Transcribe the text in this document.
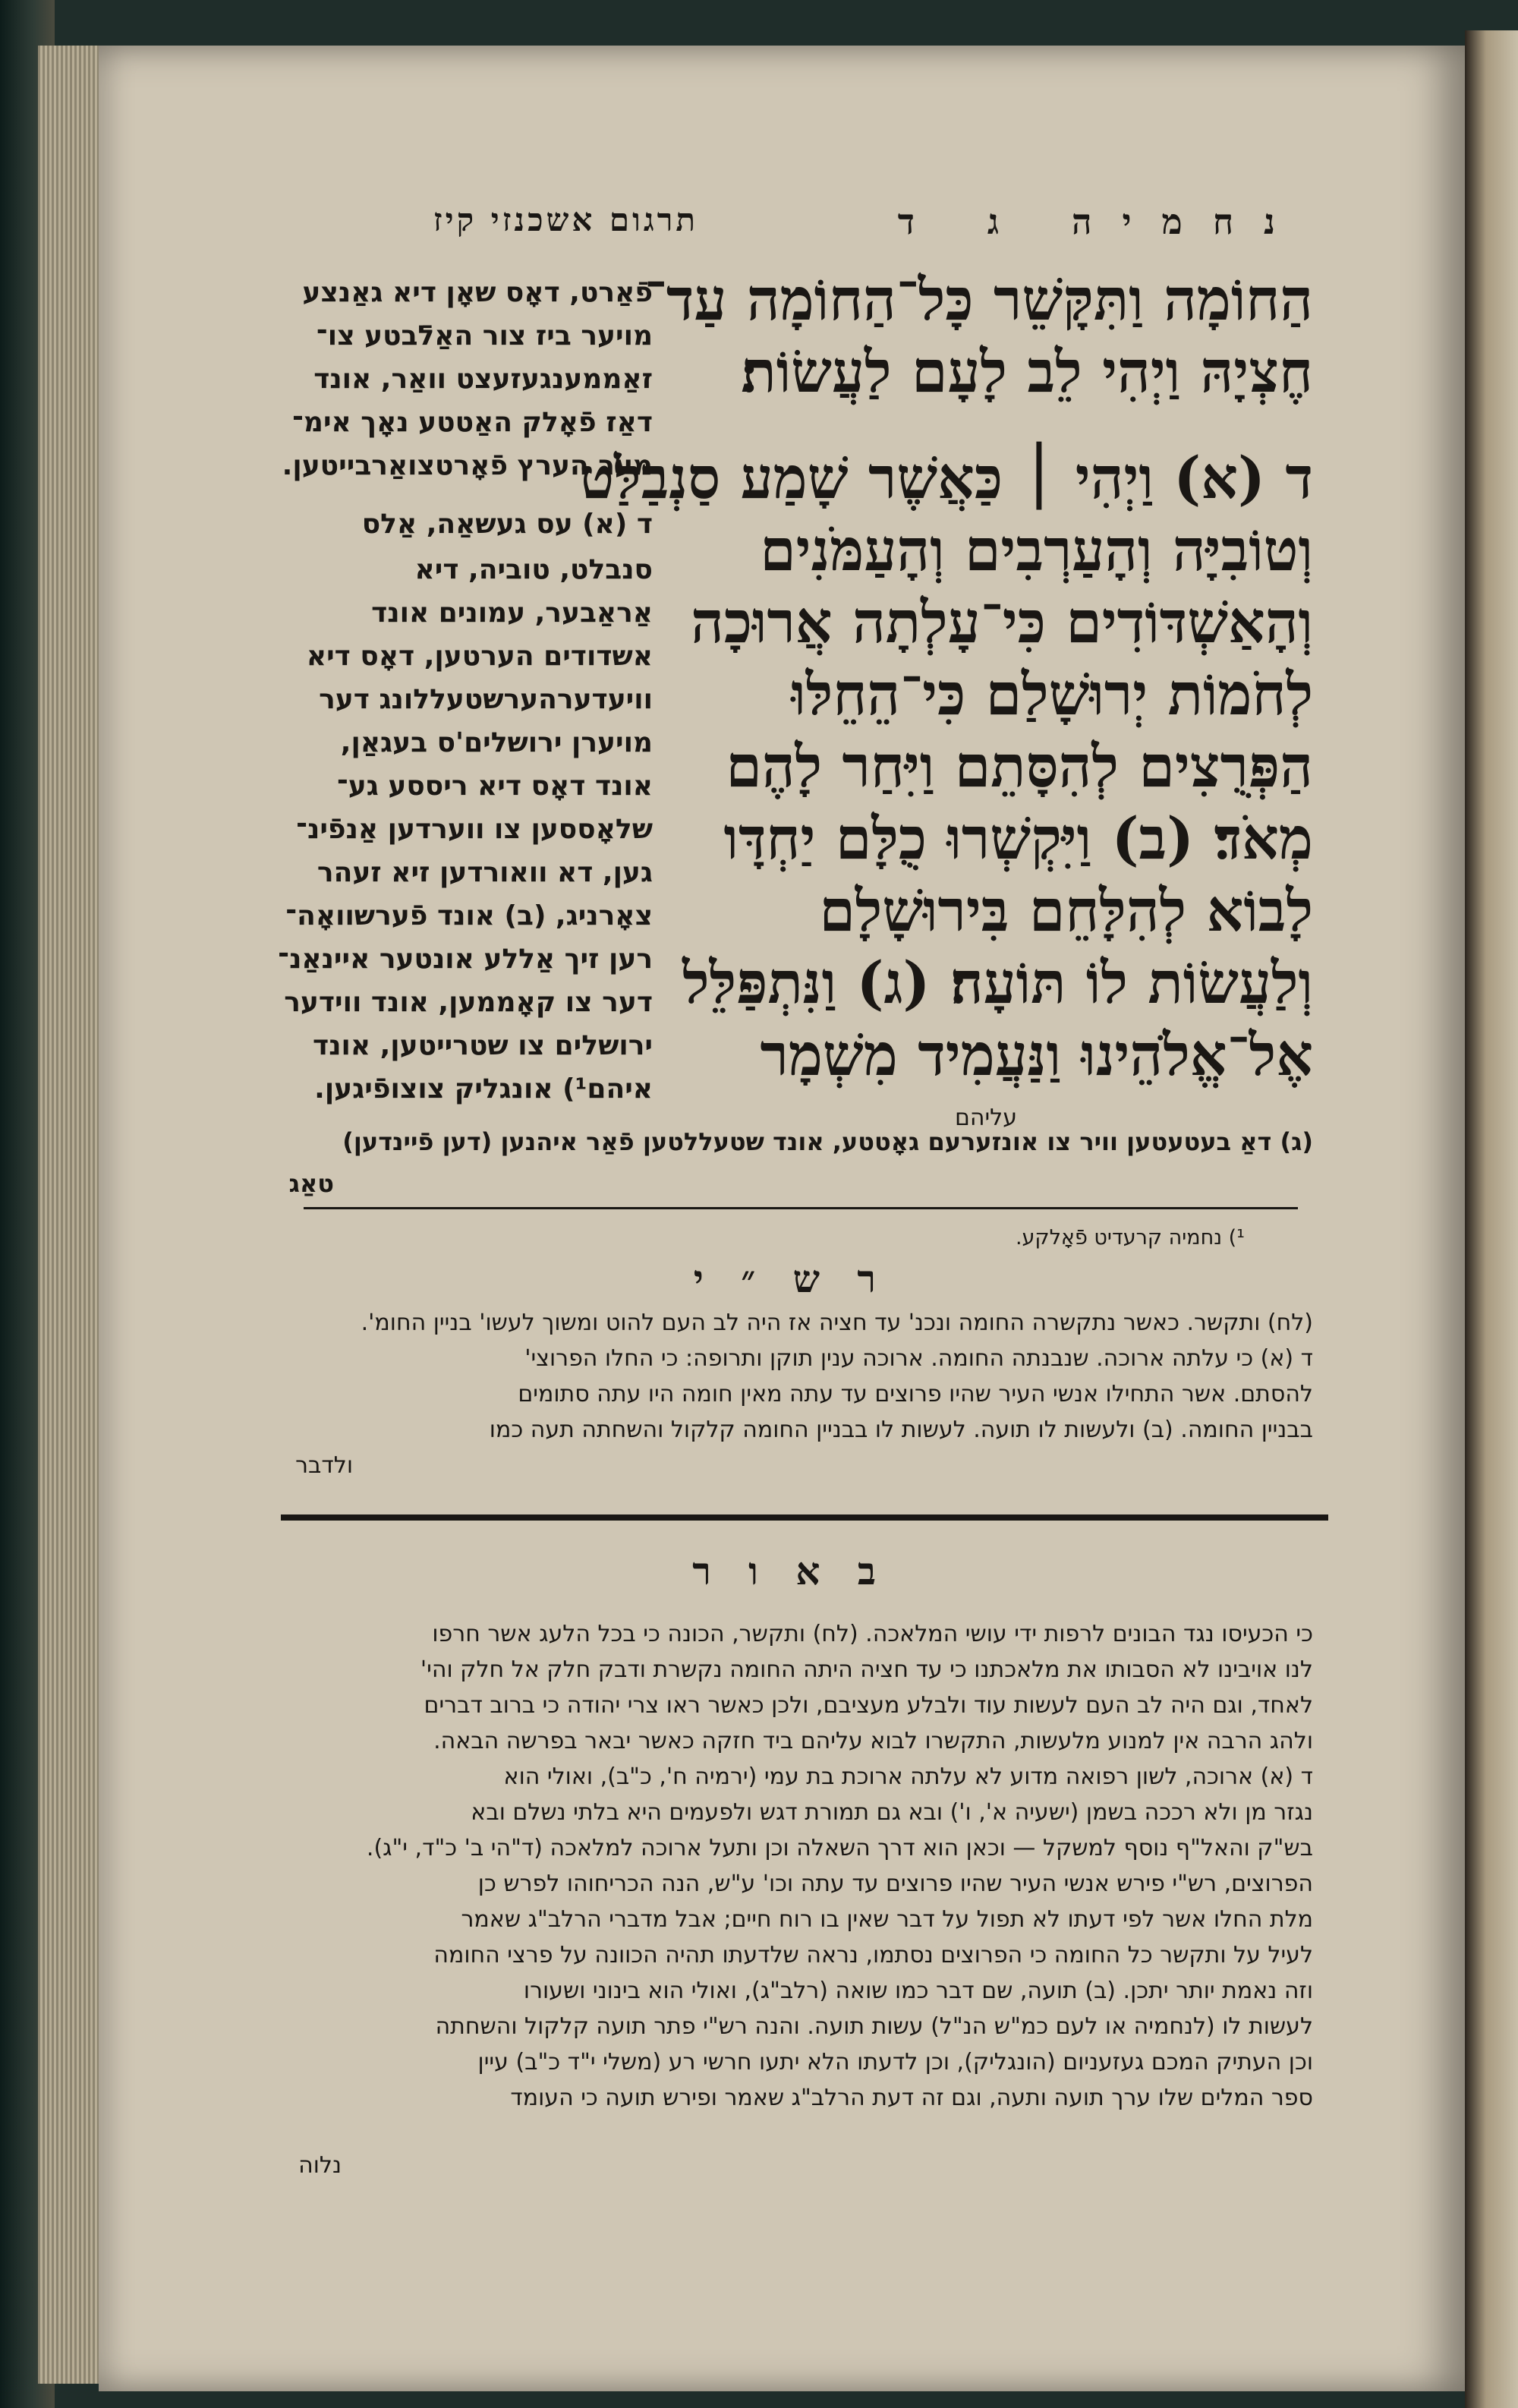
נחמיה ג ד
תרגום אשכנזי קיז
הַחוֹמָה וַתִּקָּשֵׁר כָּל־הַחוֹמָה עַד־
חֶצְיָהּ וַיְהִי לֵב לָעָם לַעֲשׂוֹת׃
ד (א) וַיְהִי ׀ כַּאֲשֶׁר שָׁמַע סַנְבַלַּט
וְטוֹבִיָּה וְהָעַרְבִים וְהָעַמֹּנִים
וְהָאַשְׁדּוֹדִים כִּי־עָלְתָה אֲרוּכָה
לְחֹמוֹת יְרוּשָׁלַם כִּי־הֵחֵלּוּ
הַפְּרֻצִים לְהִסָּתֵם וַיִּחַר לָהֶם
מְאֹד׃ (ב) וַיִּקְשְׁרוּ כֻלָּם יַחְדָּו
לָבוֹא לְהִלָּחֵם בִּירוּשָׁלָם
וְלַעֲשׂוֹת לוֹ תּוֹעָה׃ (ג) וַנִּתְפַּלֵּל
אֶל־אֱלֹהֵינוּ וַנַּעֲמִיד מִשְׁמָר
עליהם
פֿאַרט, דאָס שאָן דיא גאַנצע
מויער ביז צור האַלֿבטע צו־
זאַממענגעזעצט וואַר, אונד
דאַז פֿאָלק האַטטע נאָך אימ־
מער הערץ פֿאָרטצואַרבייטען.
ד (א) עס געשאַה, אַלס
סנבלט, טוביה, דיא
אַראַבער, עמונים אונד
אשדודים הערטען, דאָס דיא
וויעדערהערשטעללונג דער
מויערן ירושלים'ס בעגאַן,
אונד דאָס דיא ריססע גע־
שלאָססען צו ווערדען אַנפֿינ־
גען, דא וואורדען זיא זעהר
צאָרניג, (ב) אונד פֿערשוואָה־
רען זיך אַללע אונטער איינאַנ־
דער צו קאָממען, אונד ווידער
ירושלים צו שטרייטען, אונד
איהם¹) אונגליק צוצופֿיגען.
(ג) דאַ בעטעטען וויר צו אונזערעם גאָטטע, אונד שטעללטען פֿאַר איהנען (דען פֿיינדען)
טאַג
¹) נחמיה קרעדיט פֿאָלקע.
ר ש ״ י
(לח) ותקשר. כאשר נתקשרה החומה ונכנ' עד חציה אז היה לב העם להוט ומשוך לעשו' בניין החומ'.
ד (א) כי עלתה ארוכה. שנבנתה החומה. ארוכה ענין תוקן ותרופה: כי החלו הפרוצי'
להסתם. אשר התחילו אנשי העיר שהיו פרוצים עד עתה מאין חומה היו עתה סתומים
בבניין החומה. (ב) ולעשות לו תועה. לעשות לו בבניין החומה קלקול והשחתה תעה כמו
ולדבר
ב א ו ר
כי הכעיסו נגד הבונים לרפות ידי עושי המלאכה. (לח) ותקשר, הכונה כי בכל הלעג אשר חרפו
לנו אויבינו לא הסבותו את מלאכתנו כי עד חציה היתה החומה נקשרת ודבק חלק אל חלק והי'
לאחד, וגם היה לב העם לעשות עוד ולבלע מעציבם, ולכן כאשר ראו צרי יהודה כי ברוב דברים
ולהג הרבה אין למנוע מלעשות, התקשרו לבוא עליהם ביד חזקה כאשר יבאר בפרשה הבאה.
ד (א) ארוכה, לשון רפואה מדוע לא עלתה ארוכת בת עמי (ירמיה ח', כ"ב), ואולי הוא
נגזר מן ולא רככה בשמן (ישעיה א', ו') ובא גם תמורת דגש ולפעמים היא בלתי נשלם ובא
בש"ק והאל"ף נוסף למשקל — וכאן הוא דרך השאלה וכן ותעל ארוכה למלאכה (ד"הי ב' כ"ד, י"ג).
הפרוצים, רש"י פירש אנשי העיר שהיו פרוצים עד עתה וכו' ע"ש, הנה הכריחוהו לפרש כן
מלת החלו אשר לפי דעתו לא תפול על דבר שאין בו רוח חיים; אבל מדברי הרלב"ג שאמר
לעיל על ותקשר כל החומה כי הפרוצים נסתמו, נראה שלדעתו תהיה הכוונה על פרצי החומה
וזה נאמת יותר יתכן. (ב) תועה, שם דבר כמו שואה (רלב"ג), ואולי הוא בינוני ושעורו
לעשות לו (לנחמיה או לעם כמ"ש הנ"ל) עשות תועה. והנה רש"י פתר תועה קלקול והשחתה
וכן העתיק המכם געזעניום (הונגליק), וכן לדעתו הלא יתעו חרשי רע (משלי י"ד כ"ב) עיין
ספר המלים שלו ערך תועה ותעה, וגם זה דעת הרלב"ג שאמר ופירש תועה כי העומד
נלוה
